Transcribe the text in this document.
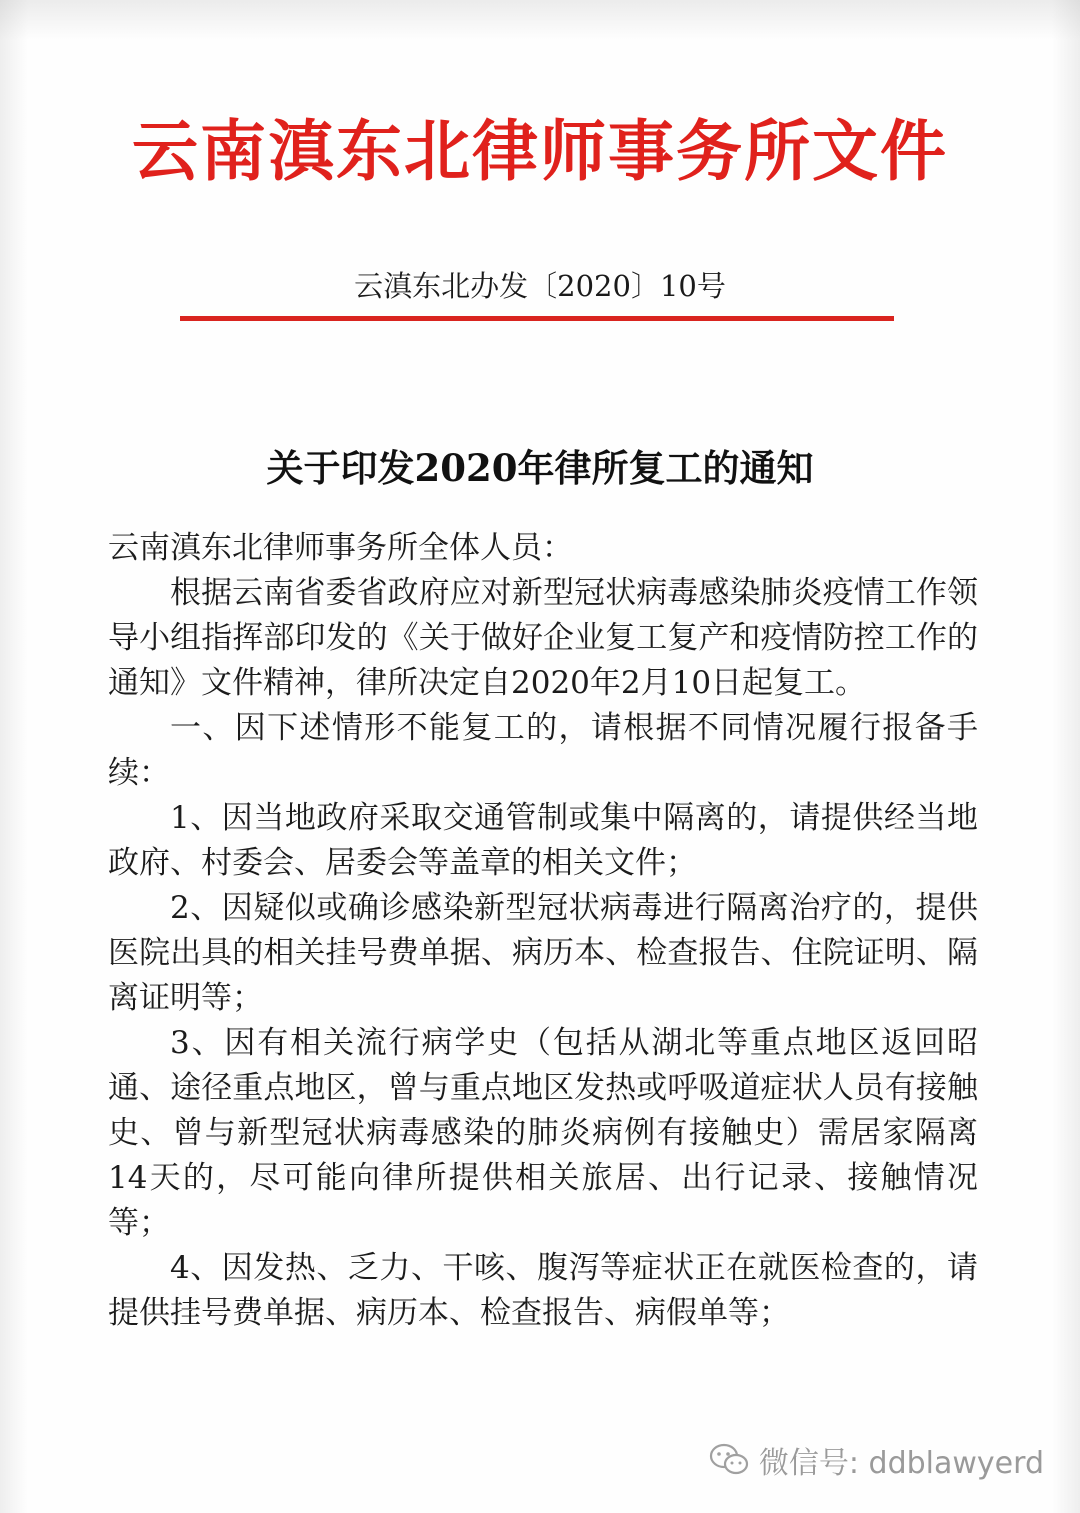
云南滇东北律师事务所文件
云滇东北办发〔2020〕10号
关于印发2020年律所复工的通知

云南滇东北律师事务所全体人员：

根据云南省委省政府应对新型冠状病毒感染肺炎疫情工作领导小组指挥部印发的《关于做好企业复工复产和疫情防控工作的通知》文件精神，律所决定自2020年2月10日起复工。

一、因下述情形不能复工的，请根据不同情况履行报备手续：

1、因当地政府采取交通管制或集中隔离的，请提供经当地政府、村委会、居委会等盖章的相关文件；

2、因疑似或确诊感染新型冠状病毒进行隔离治疗的，提供医院出具的相关挂号费单据、病历本、检查报告、住院证明、隔离证明等；

3、因有相关流行病学史（包括从湖北等重点地区返回昭通、途径重点地区，曾与重点地区发热或呼吸道症状人员有接触史、曾与新型冠状病毒感染的肺炎病例有接触史）需居家隔离14天的，尽可能向律所提供相关旅居、出行记录、接触情况等；

4、因发热、乏力、干咳、腹泻等症状正在就医检查的，请提供挂号费单据、病历本、检查报告、病假单等；

微信号: ddblawyerd
